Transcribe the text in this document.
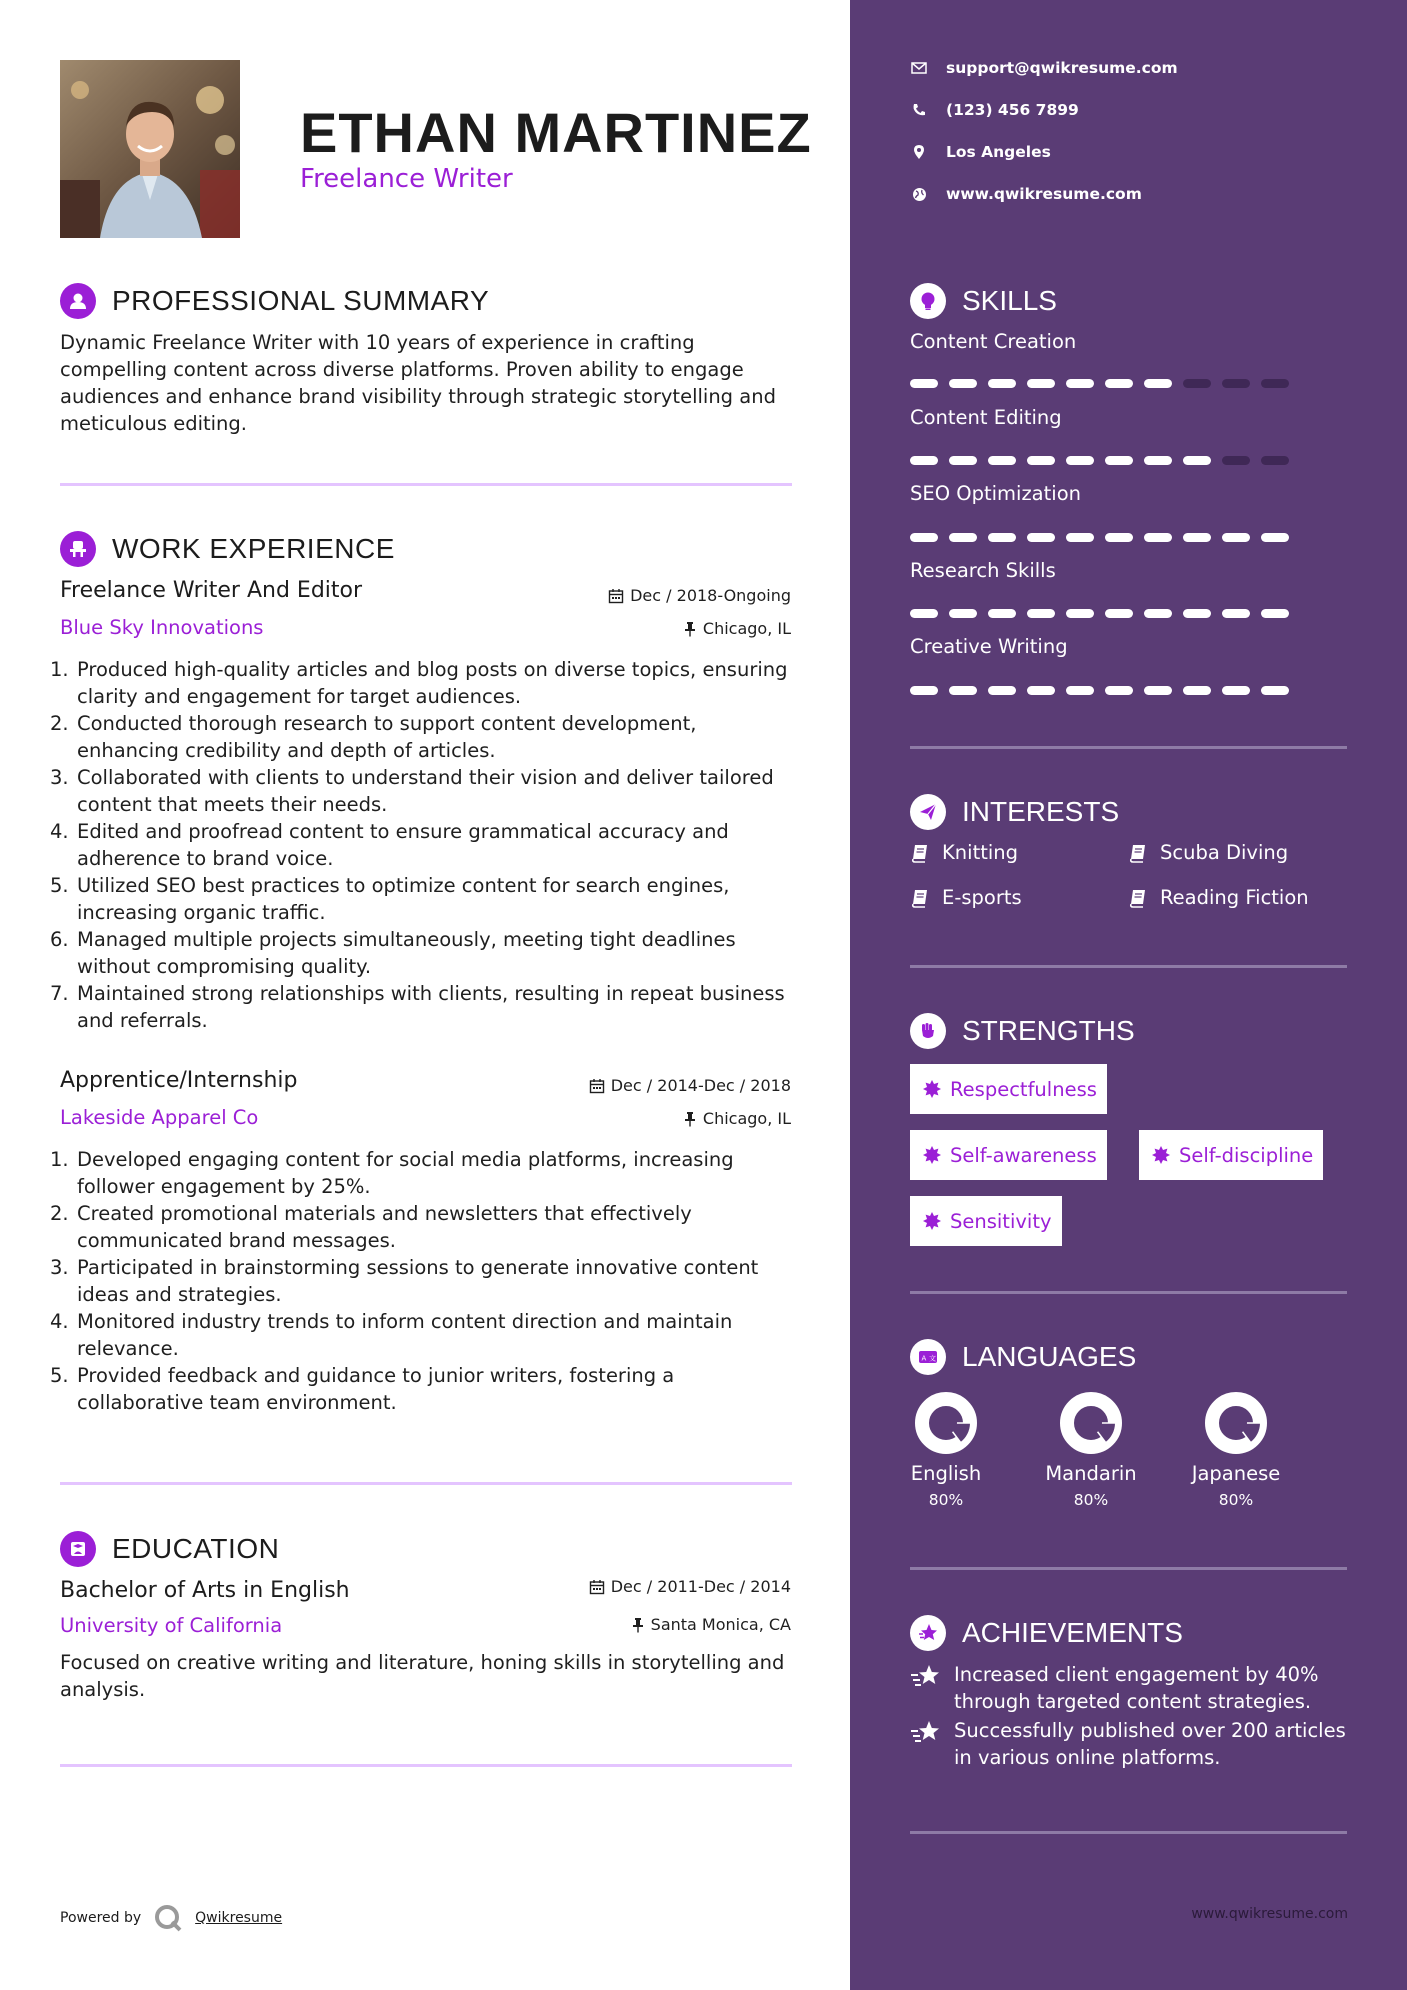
ETHAN MARTINEZ
Freelance Writer
PROFESSIONAL SUMMARY
Dynamic Freelance Writer with 10 years of experience in crafting compelling content across diverse platforms. Proven ability to engage audiences and enhance brand visibility through strategic storytelling and meticulous editing.
WORK EXPERIENCE
Freelance Writer And Editor	Dec / 2018-Ongoing
Blue Sky Innovations	Chicago, IL
1. Produced high-quality articles and blog posts on diverse topics, ensuring clarity and engagement for target audiences.
2. Conducted thorough research to support content development, enhancing credibility and depth of articles.
3. Collaborated with clients to understand their vision and deliver tailored content that meets their needs.
4. Edited and proofread content to ensure grammatical accuracy and adherence to brand voice.
5. Utilized SEO best practices to optimize content for search engines, increasing organic traffic.
6. Managed multiple projects simultaneously, meeting tight deadlines without compromising quality.
7. Maintained strong relationships with clients, resulting in repeat business and referrals.
Apprentice/Internship	Dec / 2014-Dec / 2018
Lakeside Apparel Co	Chicago, IL
1. Developed engaging content for social media platforms, increasing follower engagement by 25%.
2. Created promotional materials and newsletters that effectively communicated brand messages.
3. Participated in brainstorming sessions to generate innovative content ideas and strategies.
4. Monitored industry trends to inform content direction and maintain relevance.
5. Provided feedback and guidance to junior writers, fostering a collaborative team environment.
EDUCATION
Bachelor of Arts in English	Dec / 2011-Dec / 2014
University of California	Santa Monica, CA
Focused on creative writing and literature, honing skills in storytelling and analysis.
Powered by	Qwikresume
support@qwikresume.com
(123) 456 7899
Los Angeles
www.qwikresume.com
SKILLS
Content Creation
Content Editing
SEO Optimization
Research Skills
Creative Writing
INTERESTS
Knitting	Scuba Diving
E-sports	Reading Fiction
STRENGTHS
Respectfulness
Self-awareness	Self-discipline
Sensitivity
A 文 LANGUAGES
English
80%
Mandarin
80%
Japanese
80%
ACHIEVEMENTS
Increased client engagement by 40% through targeted content strategies.
Successfully published over 200 articles in various online platforms.
www.qwikresume.com
